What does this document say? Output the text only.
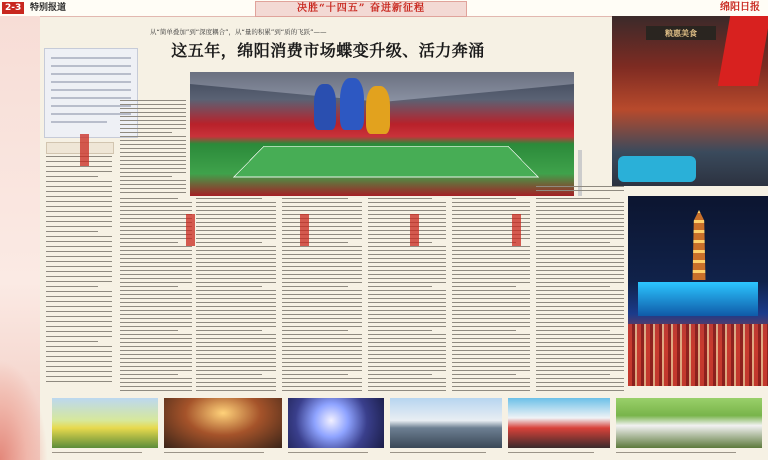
2-3 特别报道	决胜“十四五” 奋进新征程	绵阳日报
从“简单叠加”到“深度耦合”，从“量的积累”到“质的飞跃”——
这五年，绵阳消费市场蝶变升级、活力奔涌
粮惠美食
